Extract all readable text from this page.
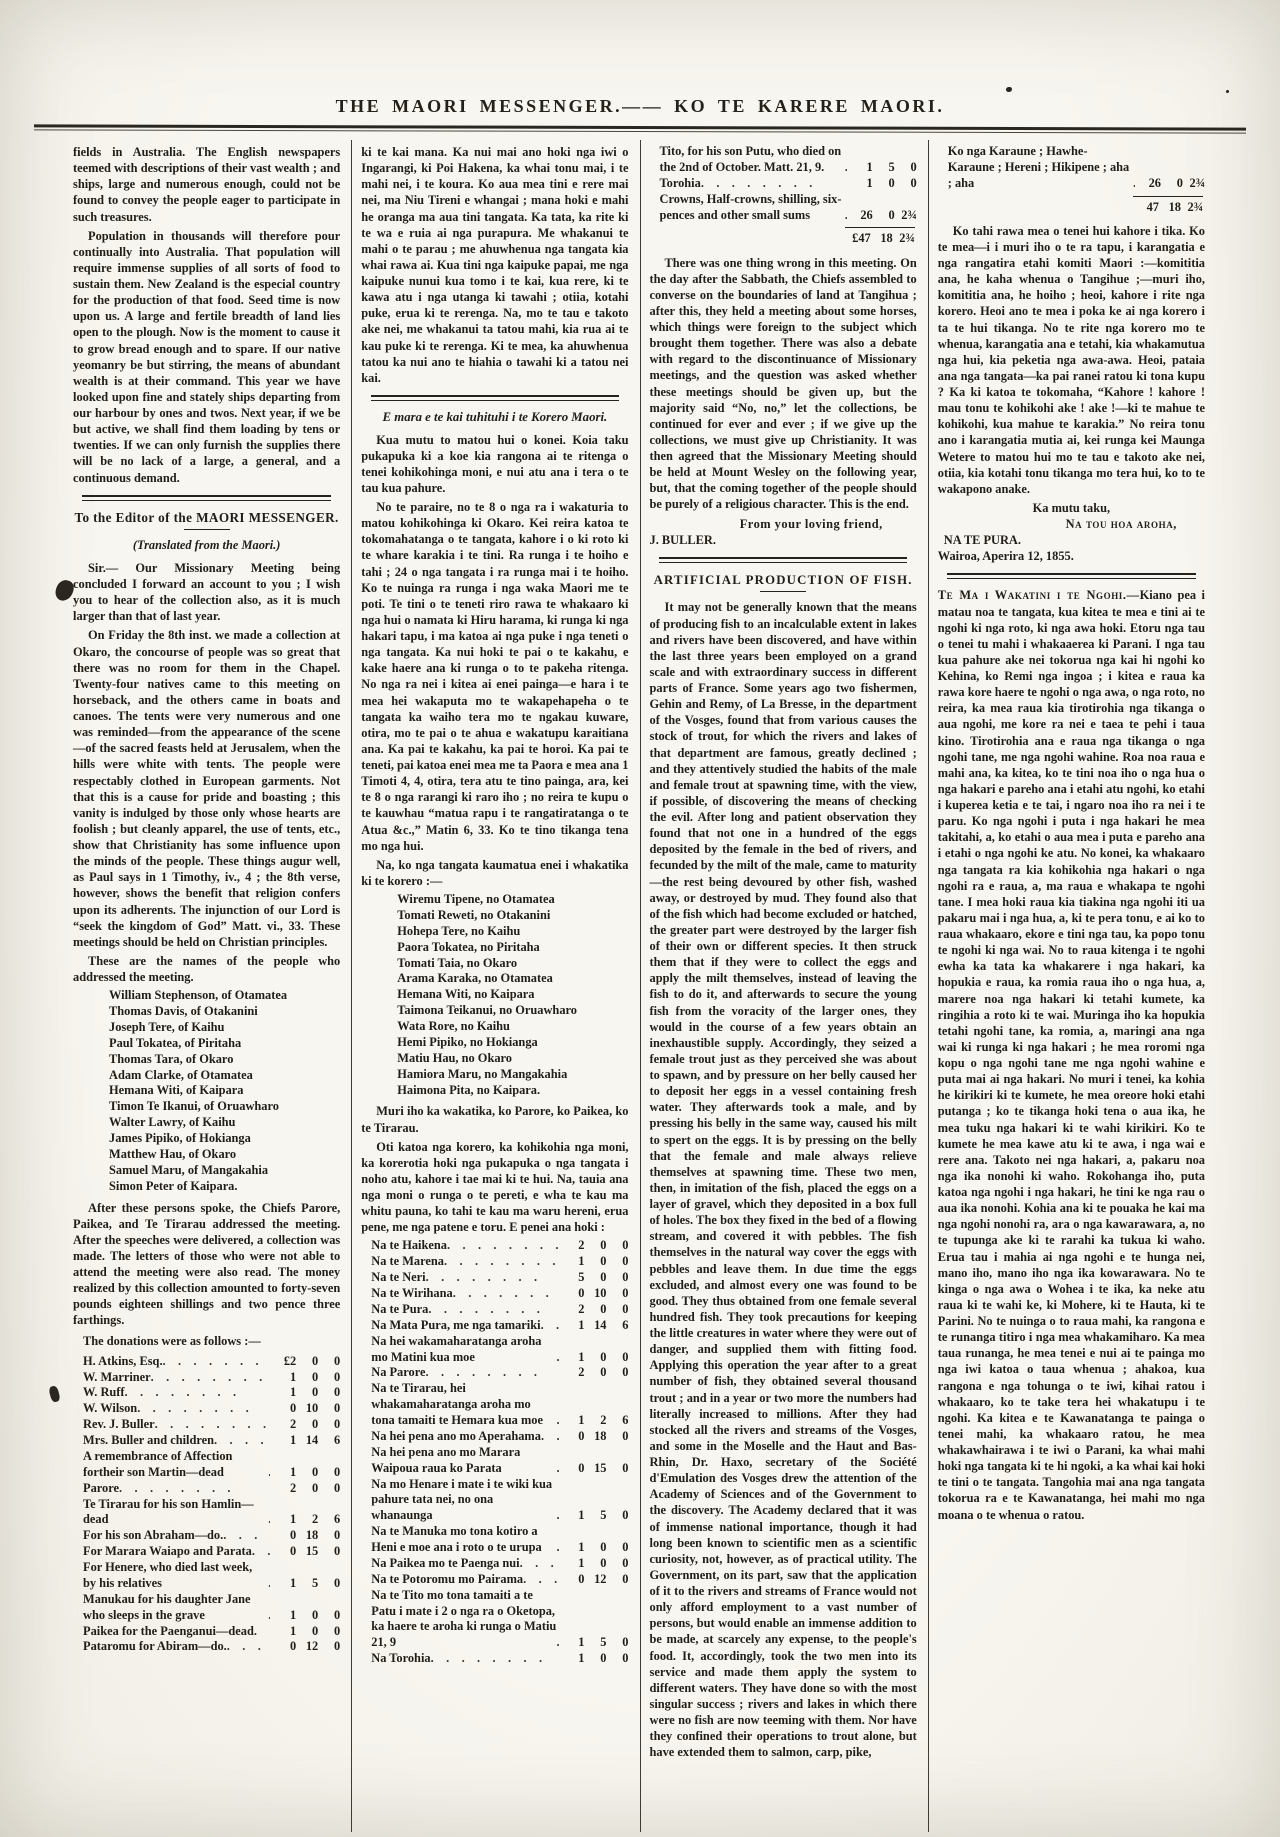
THE MAORI MESSENGER.—— KO TE KARERE MAORI.

fields in Australia. The English newspapers teemed with descriptions of their vast wealth ; and ships, large and numerous enough, could not be found to convey the people eager to participate in such treasures.

Population in thousands will therefore pour continually into Australia. That population will require immense supplies of all sorts of food to sustain them. New Zealand is the especial country for the production of that food. Seed time is now upon us. A large and fertile breadth of land lies open to the plough. Now is the moment to cause it to grow bread enough and to spare. If our native yeomanry be but stirring, the means of abundant wealth is at their command. This year we have looked upon fine and stately ships departing from our harbour by ones and twos. Next year, if we be but active, we shall find them loading by tens or twenties. If we can only furnish the supplies there will be no lack of a large, a general, and a continuous demand.

To the Editor of the MAORI MESSENGER.
(Translated from the Maori.)

Sir.— Our Missionary Meeting being concluded I forward an account to you ; I wish you to hear of the collection also, as it is much larger than that of last year.

On Friday the 8th inst. we made a collection at Okaro, the concourse of people was so great that there was no room for them in the Chapel. Twenty-four natives came to this meeting on horseback, and the others came in boats and canoes. The tents were very numerous and one was reminded—from the appearance of the scene—of the sacred feasts held at Jerusalem, when the hills were white with tents. The people were respectably clothed in European garments. Not that this is a cause for pride and boasting ; this vanity is indulged by those only whose hearts are foolish ; but cleanly apparel, the use of tents, etc., show that Christianity has some influence upon the minds of the people. These things augur well, as Paul says in 1 Timothy, iv., 4 ; the 8th verse, however, shows the benefit that religion confers upon its adherents. The injunction of our Lord is “seek the kingdom of God” Matt. vi., 33. These meetings should be held on Christian principles.

These are the names of the people who addressed the meeting.

William Stephenson, of Otamatea
Thomas Davis, of Otakanini
Joseph Tere, of Kaihu
Paul Tokatea, of Piritaha
Thomas Tara, of Okaro
Adam Clarke, of Otamatea
Hemana Witi, of Kaipara
Timon Te Ikanui, of Oruawharo
Walter Lawry, of Kaihu
James Pipiko, of Hokianga
Matthew Hau, of Okaro
Samuel Maru, of Mangakahia
Simon Peter of Kaipara.

After these persons spoke, the Chiefs Parore, Paikea, and Te Tirarau addressed the meeting. After the speeches were delivered, a collection was made. The letters of those who were not able to attend the meeting were also read. The money realized by this collection amounted to forty-seven pounds eighteen shillings and two pence three farthings.

The donations were as follows :—

H. Atkins, Esq. .	£2	0	0
W. Marriner .	1	0	0
W. Ruff .	1	0	0
W. Wilson .	0 10	0
Rev. J. Buller .	2	0	0
Mrs. Buller and children .	1 14	6
A remembrance of Affection fortheir son Martin—dead .	1	0	0
Parore .	2	0	0
Te Tirarau for his son Hamlin—dead .	1	2	6
For his son Abraham—do. .	0 18	0
For Marara Waiapo and Parata .	0 15	0
For Henere, who died last week, by his relatives .	1	5	0
Manukau for his daughter Jane who sleeps in the grave .	1	0	0
Paikea for the Paenganui—dead .	1	0	0
Pataromu for Abiram—do. .	0 12	0

ki te kai mana. Ka nui mai ano hoki nga iwi o Ingarangi, ki Poi Hakena, ka whai tonu mai, i te mahi nei, i te koura. Ko aua mea tini e rere mai nei, ma Niu Tireni e whangai ; mana hoki e mahi he oranga ma aua tini tangata. Ka tata, ka rite ki te wa e ruia ai nga purapura. Me whakanui te mahi o te parau ; me ahuwhenua nga tangata kia whai rawa ai. Kua tini nga kaipuke papai, me nga kaipuke nunui kua tomo i te kai, kua rere, ki te kawa atu i nga utanga ki tawahi ; otiia, kotahi puke, erua ki te rerenga. Na, mo te tau e takoto ake nei, me whakanui ta tatou mahi, kia rua ai te kau puke ki te rerenga. Ki te mea, ka ahuwhenua tatou ka nui ano te hiahia o tawahi ki a tatou nei kai.

E mara e te kai tuhituhi i te Korero Maori.

Kua mutu to matou hui o konei. Koia taku pukapuka ki a koe kia rangona ai te ritenga o tenei kohikohinga moni, e nui atu ana i tera o te tau kua pahure.

No te paraire, no te 8 o nga ra i wakaturia to matou kohikohinga ki Okaro. Kei reira katoa te tokomahatanga o te tangata, kahore i o ki roto ki te whare karakia i te tini. Ra runga i te hoiho e tahi ; 24 o nga tangata i ra runga mai i te hoiho. Ko te nuinga ra runga i nga waka Maori me te poti. Te tini o te teneti riro rawa te whakaaro ki nga hui o namata ki Hiru harama, ki runga ki nga hakari tapu, i ma katoa ai nga puke i nga teneti o nga tangata. Ka nui hoki te pai o te kakahu, e kake haere ana ki runga o to te pakeha ritenga. No nga ra nei i kitea ai enei painga—e hara i te mea hei wakaputa mo te wakapehapeha o te tangata ka waiho tera mo te ngakau kuware, otira, mo te pai o te ahua e wakatupu karaitiana ana. Ka pai te kakahu, ka pai te horoi. Ka pai te teneti, pai katoa enei mea me ta Paora e mea ana 1 Timoti 4, 4, otira, tera atu te tino painga, ara, kei te 8 o nga rarangi ki raro iho ; no reira te kupu o te kauwhau “matua rapu i te rangatiratanga o te Atua &c.,” Matin 6, 33. Ko te tino tikanga tena mo nga hui.

Na, ko nga tangata kaumatua enei i whakatika ki te korero :—

Wiremu Tipene, no Otamatea
Tomati Reweti, no Otakanini
Hohepa Tere, no Kaihu
Paora Tokatea, no Piritaha
Tomati Taia, no Okaro
Arama Karaka, no Otamatea
Hemana Witi, no Kaipara
Taimona Teikanui, no Oruawharo
Wata Rore, no Kaihu
Hemi Pipiko, no Hokianga
Matiu Hau, no Okaro
Hamiora Maru, no Mangakahia
Haimona Pita, no Kaipara.

Muri iho ka wakatika, ko Parore, ko Paikea, ko te Tirarau.

Oti katoa nga korero, ka kohikohia nga moni, ka korerotia hoki nga pukapuka o nga tangata i noho atu, kahore i tae mai ki te hui. Na, tauia ana nga moni o runga o te pereti, e wha te kau ma whitu pauna, ko tahi te kau ma waru hereni, erua pene, me nga patene e toru. E penei ana hoki :

Na te Haikena .	2	0	0
Na te Marena .	1	0	0
Na te Neri .	5	0	0
Na te Wirihana .	0 10	0
Na te Pura .	2	0	0
Na Mata Pura, me nga tamariki .	1 14	6
Na hei wakamaharatanga aroha mo Matini kua moe .	1	0	0
Na Parore .	2	0	0
Na te Tirarau, hei whakamaharatanga aroha mo tona tamaiti te Hemara kua moe .	1	2	6
Na hei pena ano mo Aperahama .	0 18	0
Na hei pena ano mo Marara Waipoua raua ko Parata .	0 15	0
Na mo Henare i mate i te wiki kua pahure tata nei, no ona whanaunga .	1	5	0
Na te Manuka mo tona kotiro a Heni e moe ana i roto o te urupa .	1	0	0
Na Paikea mo te Paenga nui .	1	0	0
Na te Potoromu mo Pairama .	0 12	0
Na te Tito mo tona tamaiti a te Patu i mate i 2 o nga ra o Oketopa, ka haere te aroha ki runga o Matiu 21, 9 .	1	5	0
Na Torohia .	1	0	0
Tito, for his son Putu, who died on the 2nd of October. Matt. 21, 9. .	1	5	0
Torohia .	1	0	0
Crowns, Half-crowns, shilling, six-pences and other small sums .	26	0 2¾
£47 18 2¾

There was one thing wrong in this meeting. On the day after the Sabbath, the Chiefs assembled to converse on the boundaries of land at Tangihua ; after this, they held a meeting about some horses, which things were foreign to the subject which brought them together. There was also a debate with regard to the discontinuance of Missionary meetings, and the question was asked whether these meetings should be given up, but the majority said “No, no,” let the collections, be continued for ever and ever ; if we give up the collections, we must give up Christianity. It was then agreed that the Missionary Meeting should be held at Mount Wesley on the following year, but, that the coming together of the people should be purely of a religious character. This is the end.

From your loving friend,
J. BULLER.
ARTIFICIAL PRODUCTION OF FISH.

It may not be generally known that the means of producing fish to an incalculable extent in lakes and rivers have been discovered, and have within the last three years been employed on a grand scale and with extraordinary success in different parts of France. Some years ago two fishermen, Gehin and Remy, of La Bresse, in the department of the Vosges, found that from various causes the stock of trout, for which the rivers and lakes of that department are famous, greatly declined ; and they attentively studied the habits of the male and female trout at spawning time, with the view, if possible, of discovering the means of checking the evil. After long and patient observation they found that not one in a hundred of the eggs deposited by the female in the bed of rivers, and fecunded by the milt of the male, came to maturity—the rest being devoured by other fish, washed away, or destroyed by mud. They found also that of the fish which had become excluded or hatched, the greater part were destroyed by the larger fish of their own or different species. It then struck them that if they were to collect the eggs and apply the milt themselves, instead of leaving the fish to do it, and afterwards to secure the young fish from the voracity of the larger ones, they would in the course of a few years obtain an inexhaustible supply. Accordingly, they seized a female trout just as they perceived she was about to spawn, and by pressure on her belly caused her to deposit her eggs in a vessel containing fresh water. They afterwards took a male, and by pressing his belly in the same way, caused his milt to spert on the eggs. It is by pressing on the belly that the female and male always relieve themselves at spawning time. These two men, then, in imitation of the fish, placed the eggs on a layer of gravel, which they deposited in a box full of holes. The box they fixed in the bed of a flowing stream, and covered it with pebbles. The fish themselves in the natural way cover the eggs with pebbles and leave them. In due time the eggs excluded, and almost every one was found to be good. They thus obtained from one female several hundred fish. They took precautions for keeping the little creatures in water where they were out of danger, and supplied them with fitting food. Applying this operation the year after to a great number of fish, they obtained several thousand trout ; and in a year or two more the numbers had literally increased to millions. After they had stocked all the rivers and streams of the Vosges, and some in the Moselle and the Haut and Bas-Rhin, Dr. Haxo, secretary of the Société d'Emulation des Vosges drew the attention of the Academy of Sciences and of the Government to the discovery. The Academy declared that it was of immense national importance, though it had long been known to scientific men as a scientific curiosity, not, however, as of practical utility. The Government, on its part, saw that the application of it to the rivers and streams of France would not only afford employment to a vast number of persons, but would enable an immense addition to be made, at scarcely any expense, to the people's food. It, accordingly, took the two men into its service and made them apply the system to different waters. They have done so with the most singular success ; rivers and lakes in which there were no fish are now teeming with them. Nor have they confined their operations to trout alone, but have extended them to salmon, carp, pike,

Ko nga Karaune ; Hawhe-Karaune ; Hereni ; Hikipene ; aha ; aha .	26	0 2¾
47 18 2¾

Ko tahi rawa mea o tenei hui kahore i tika. Ko te mea—i i muri iho o te ra tapu, i karangatia e nga rangatira etahi komiti Maori :—komititia ana, he kaha whenua o Tangihue ;—muri iho, komititia ana, he hoiho ; heoi, kahore i rite nga korero. Heoi ano te mea i poka ke ai nga korero i ta te hui tikanga. No te rite nga korero mo te whenua, karangatia ana e tetahi, kia whakamutua nga hui, kia peketia nga awa-awa. Heoi, pataia ana nga tangata—ka pai ranei ratou ki tona kupu ? Ka ki katoa te tokomaha, “Kahore ! kahore ! mau tonu te kohikohi ake ! ake !—ki te mahue te kohikohi, kua mahue te karakia.” No reira tonu ano i karangatia mutia ai, kei runga kei Maunga Wetere to matou hui mo te tau e takoto ake nei, otiia, kia kotahi tonu tikanga mo tera hui, ko to te wakapono anake.

Ka mutu taku,
Na tou hoa aroha,
NA TE PURA.
Wairoa, Aperira 12, 1855.

Te Ma i Wakatini i te Ngohi.—Kiano pea i matau noa te tangata, kua kitea te mea e tini ai te ngohi ki nga roto, ki nga awa hoki. Etoru nga tau o tenei tu mahi i whakaaerea ki Parani. I nga tau kua pahure ake nei tokorua nga kai hi ngohi ko Kehina, ko Remi nga ingoa ; i kitea e raua ka rawa kore haere te ngohi o nga awa, o nga roto, no reira, ka mea raua kia tirotirohia nga tikanga o aua ngohi, me kore ra nei e taea te pehi i taua kino. Tirotirohia ana e raua nga tikanga o nga ngohi tane, me nga ngohi wahine. Roa noa raua e mahi ana, ka kitea, ko te tini noa iho o nga hua o nga hakari e pareho ana i etahi atu ngohi, ko etahi i kuperea ketia e te tai, i ngaro noa iho ra nei i te paru. Ko nga ngohi i puta i nga hakari he mea takitahi, a, ko etahi o aua mea i puta e pareho ana i etahi o nga ngohi ke atu. No konei, ka whakaaro nga tangata ra kia kohikohia nga hakari o nga ngohi ra e raua, a, ma raua e whakapa te ngohi tane. I mea hoki raua kia tiakina nga ngohi iti ua pakaru mai i nga hua, a, ki te pera tonu, e ai ko to raua whakaaro, ekore e tini nga tau, ka popo tonu te ngohi ki nga wai. No to raua kitenga i te ngohi ewha ka tata ka whakarere i nga hakari, ka hopukia e raua, ka romia raua iho o nga hua, a, marere noa nga hakari ki tetahi kumete, ka ringihia a roto ki te wai. Muringa iho ka hopukia tetahi ngohi tane, ka romia, a, maringi ana nga wai ki runga ki nga hakari ; he mea roromi nga kopu o nga ngohi tane me nga ngohi wahine e puta mai ai nga hakari. No muri i tenei, ka kohia he kirikiri ki te kumete, he mea oreore hoki etahi putanga ; ko te tikanga hoki tena o aua ika, he mea tuku nga hakari ki te wahi kirikiri. Ko te kumete he mea kawe atu ki te awa, i nga wai e rere ana. Takoto nei nga hakari, a, pakaru noa nga ika nonohi ki waho. Rokohanga iho, puta katoa nga ngohi i nga hakari, he tini ke nga rau o aua ika nonohi. Kohia ana ki te pouaka he kai ma nga ngohi nonohi ra, ara o nga kawarawara, a, no te tupunga ake ki te rarahi ka tukua ki waho. Erua tau i mahia ai nga ngohi e te hunga nei, mano iho, mano iho nga ika kowarawara. No te kinga o nga awa o Wohea i te ika, ka neke atu raua ki te wahi ke, ki Mohere, ki te Hauta, ki te Parini. No te nuinga o to raua mahi, ka rangona e te runanga titiro i nga mea whakamiharo. Ka mea taua runanga, he mea tenei e nui ai te painga mo nga iwi katoa o taua whenua ; ahakoa, kua rangona e nga tohunga o te iwi, kihai ratou i whakaaro, ko te take tera hei whakatupu i te ngohi. Ka kitea e te Kawanatanga te painga o tenei mahi, ka whakaaro ratou, he mea whakawhairawa i te iwi o Parani, ka whai mahi hoki nga tangata ki te hi ngoki, a ka whai kai hoki te tini o te tangata. Tangohia mai ana nga tangata tokorua ra e te Kawanatanga, hei mahi mo nga moana o te whenua o ratou.
